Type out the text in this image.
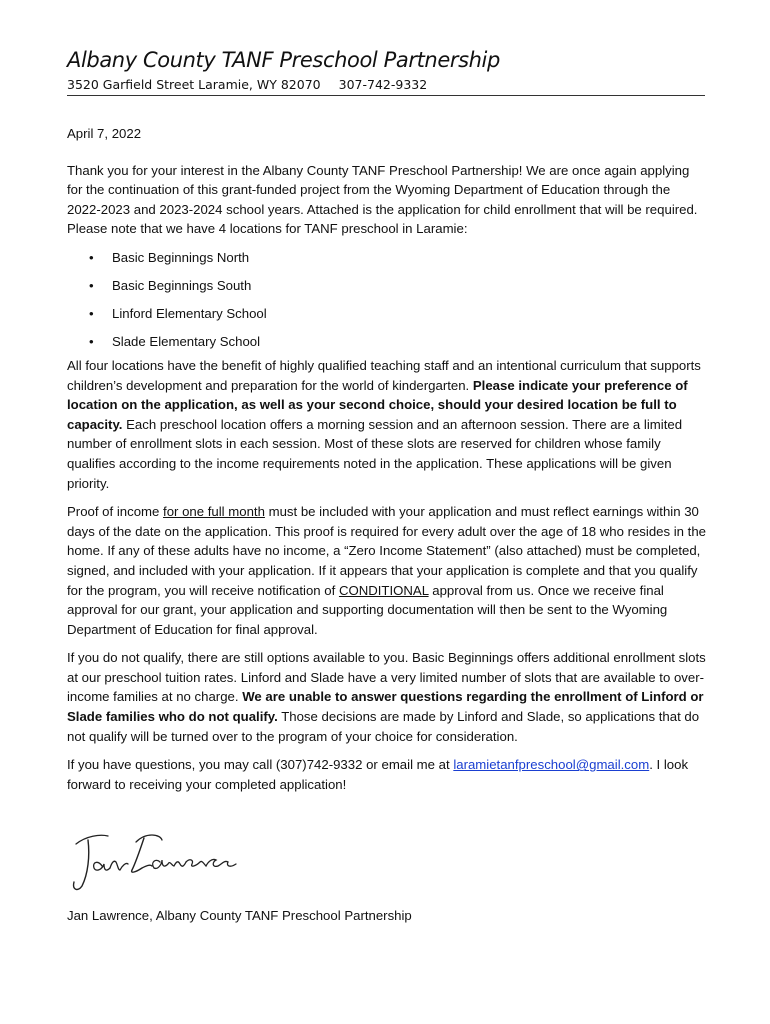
Albany County TANF Preschool Partnership
3520 Garfield Street Laramie, WY 82070 307-742-9332
April 7, 2022

Thank you for your interest in the Albany County TANF Preschool Partnership! We are once again applying for the continuation of this grant-funded project from the Wyoming Department of Education through the 2022-2023 and 2023-2024 school years. Attached is the application for child enrollment that will be required. Please note that we have 4 locations for TANF preschool in Laramie:

• Basic Beginnings North
• Basic Beginnings South
• Linford Elementary School
• Slade Elementary School

All four locations have the benefit of highly qualified teaching staff and an intentional curriculum that supports children’s development and preparation for the world of kindergarten. Please indicate your preference of location on the application, as well as your second choice, should your desired location be full to capacity. Each preschool location offers a morning session and an afternoon session. There are a limited number of enrollment slots in each session. Most of these slots are reserved for children whose family qualifies according to the income requirements noted in the application. These applications will be given priority.

Proof of income for one full month must be included with your application and must reflect earnings within 30 days of the date on the application. This proof is required for every adult over the age of 18 who resides in the home. If any of these adults have no income, a “Zero Income Statement” (also attached) must be completed, signed, and included with your application. If it appears that your application is complete and that you qualify for the program, you will receive notification of CONDITIONAL approval from us. Once we receive final approval for our grant, your application and supporting documentation will then be sent to the Wyoming Department of Education for final approval.

If you do not qualify, there are still options available to you. Basic Beginnings offers additional enrollment slots at our preschool tuition rates. Linford and Slade have a very limited number of slots that are available to over-income families at no charge. We are unable to answer questions regarding the enrollment of Linford or Slade families who do not qualify. Those decisions are made by Linford and Slade, so applications that do not qualify will be turned over to the program of your choice for consideration.

If you have questions, you may call (307)742-9332 or email me at laramietanfpreschool@gmail.com. I look forward to receiving your completed application!

Jan Lawrence, Albany County TANF Preschool Partnership
